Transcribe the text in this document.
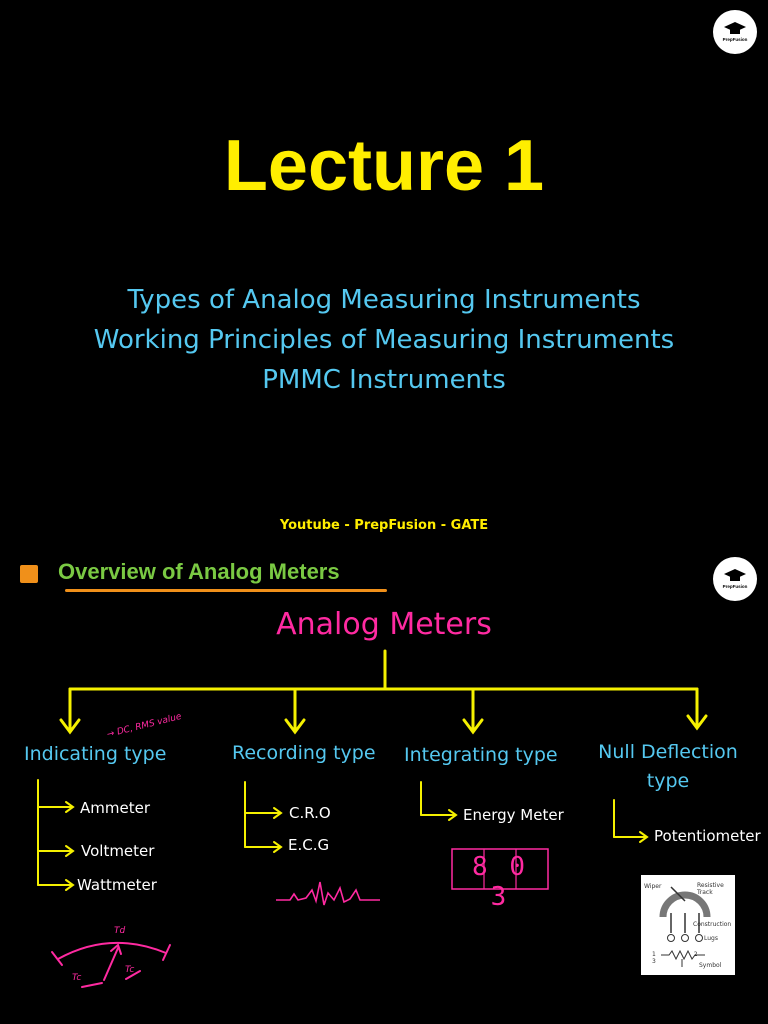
PrepFusion
Lecture 1
Types of Analog Measuring Instruments
Working Principles of Measuring Instruments
PMMC Instruments
Youtube - PrepFusion - GATE
Overview of Analog Meters
PrepFusion
Analog Meters
Indicating type	Recording type Integrating type Null Deflection type
→ DC, RMS value
Ammeter
Voltmeter
Wattmeter
C.R.O
E.C.G
Energy Meter
Potentiometer
8 0 3
Td
Tc
Tc
Wiper	Resistive Track
Construction
Lugs
Symbol
1 2 3
